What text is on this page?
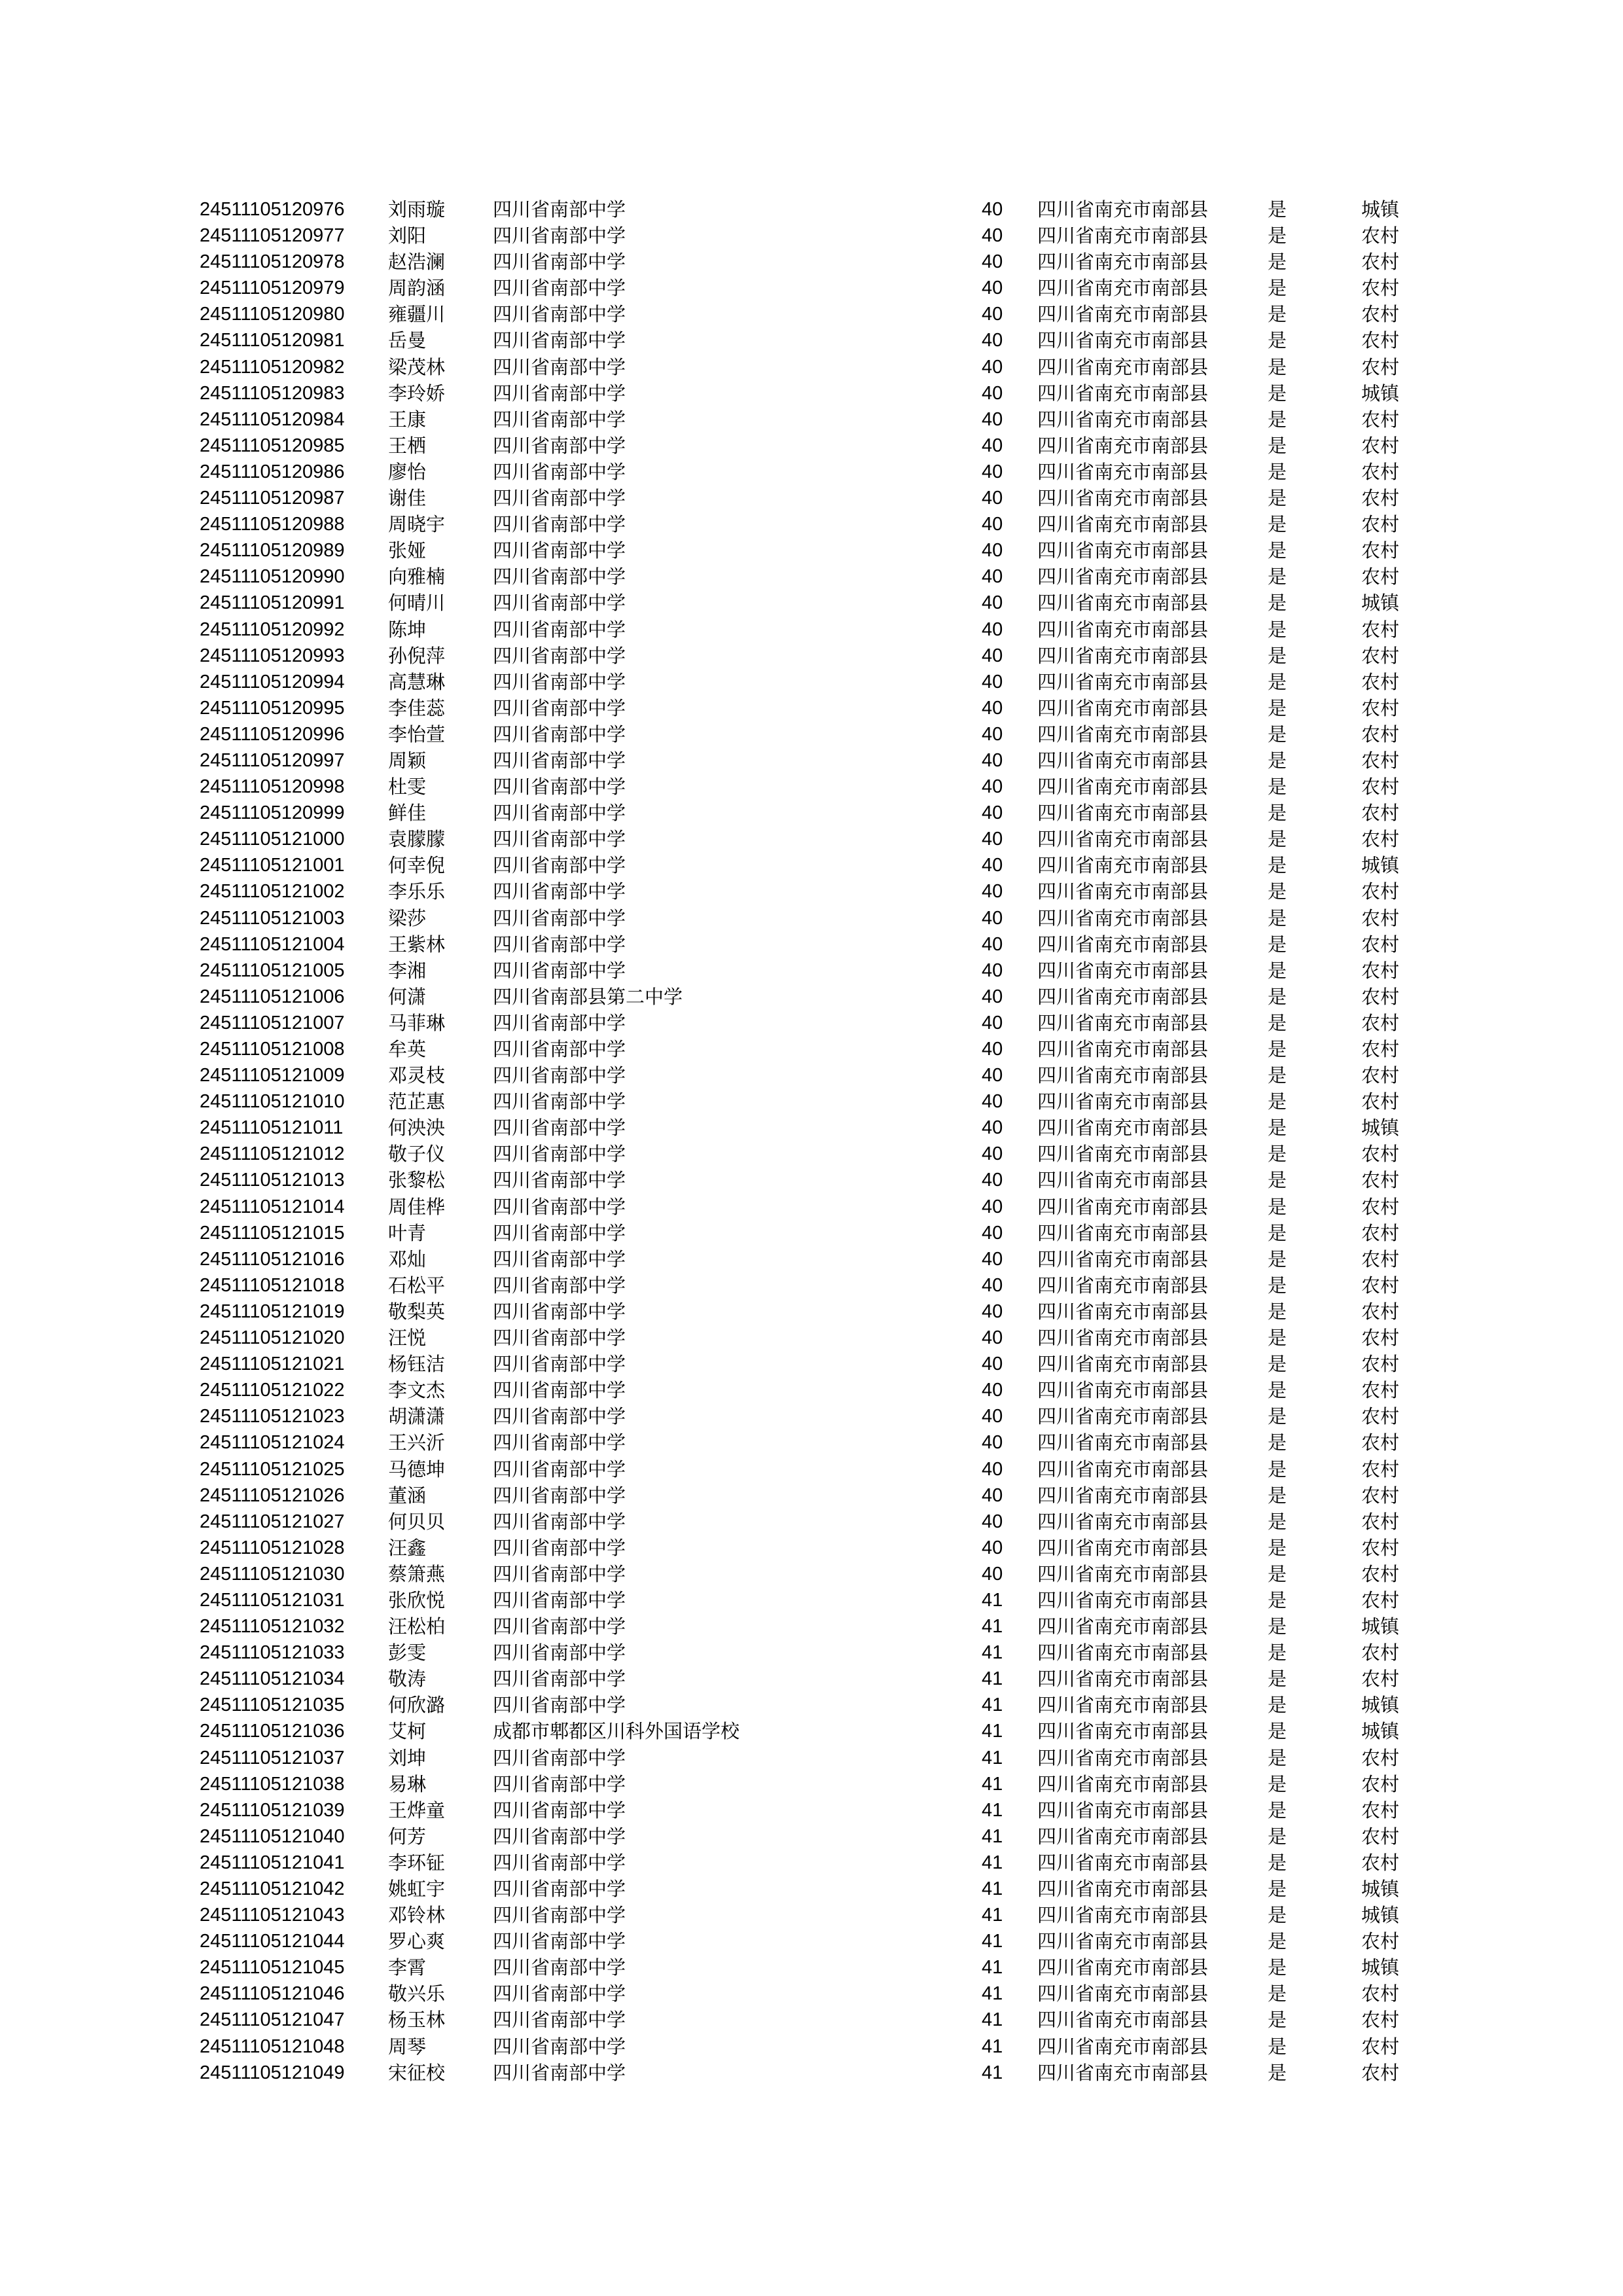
24511105120976 刘雨璇	四川省南部中学	40 四川省南充市南部县	是	城镇
24511105120977 刘阳	四川省南部中学	40 四川省南充市南部县	是	农村
24511105120978 赵浩澜	四川省南部中学	40 四川省南充市南部县	是	农村
24511105120979 周韵涵	四川省南部中学	40 四川省南充市南部县	是	农村
24511105120980 雍疆川	四川省南部中学	40 四川省南充市南部县	是	农村
24511105120981 岳曼	四川省南部中学	40 四川省南充市南部县	是	农村
24511105120982 梁茂林	四川省南部中学	40 四川省南充市南部县	是	农村
24511105120983 李玲娇	四川省南部中学	40 四川省南充市南部县	是	城镇
24511105120984 王康	四川省南部中学	40 四川省南充市南部县	是	农村
24511105120985 王栖	四川省南部中学	40 四川省南充市南部县	是	农村
24511105120986 廖怡	四川省南部中学	40 四川省南充市南部县	是	农村
24511105120987 谢佳	四川省南部中学	40 四川省南充市南部县	是	农村
24511105120988 周晓宇	四川省南部中学	40 四川省南充市南部县	是	农村
24511105120989 张娅	四川省南部中学	40 四川省南充市南部县	是	农村
24511105120990 向雅楠	四川省南部中学	40 四川省南充市南部县	是	农村
24511105120991 何晴川	四川省南部中学	40 四川省南充市南部县	是	城镇
24511105120992 陈坤	四川省南部中学	40 四川省南充市南部县	是	农村
24511105120993 孙倪萍	四川省南部中学	40 四川省南充市南部县	是	农村
24511105120994 高慧琳	四川省南部中学	40 四川省南充市南部县	是	农村
24511105120995 李佳蕊	四川省南部中学	40 四川省南充市南部县	是	农村
24511105120996 李怡萱	四川省南部中学	40 四川省南充市南部县	是	农村
24511105120997 周颖	四川省南部中学	40 四川省南充市南部县	是	农村
24511105120998 杜雯	四川省南部中学	40 四川省南充市南部县	是	农村
24511105120999 鲜佳	四川省南部中学	40 四川省南充市南部县	是	农村
24511105121000 袁朦朦	四川省南部中学	40 四川省南充市南部县	是	农村
24511105121001 何幸倪	四川省南部中学	40 四川省南充市南部县	是	城镇
24511105121002 李乐乐	四川省南部中学	40 四川省南充市南部县	是	农村
24511105121003 梁莎	四川省南部中学	40 四川省南充市南部县	是	农村
24511105121004 王紫林	四川省南部中学	40 四川省南充市南部县	是	农村
24511105121005 李湘	四川省南部中学	40 四川省南充市南部县	是	农村
24511105121006 何潇	四川省南部县第二中学	40 四川省南充市南部县	是	农村
24511105121007 马菲琳	四川省南部中学	40 四川省南充市南部县	是	农村
24511105121008 牟英	四川省南部中学	40 四川省南充市南部县	是	农村
24511105121009 邓灵枝	四川省南部中学	40 四川省南充市南部县	是	农村
24511105121010 范芷惠	四川省南部中学	40 四川省南充市南部县	是	农村
24511105121011 何泱泱	四川省南部中学	40 四川省南充市南部县	是	城镇
24511105121012 敬子仪	四川省南部中学	40 四川省南充市南部县	是	农村
24511105121013 张黎松	四川省南部中学	40 四川省南充市南部县	是	农村
24511105121014 周佳桦	四川省南部中学	40 四川省南充市南部县	是	农村
24511105121015 叶青	四川省南部中学	40 四川省南充市南部县	是	农村
24511105121016 邓灿	四川省南部中学	40 四川省南充市南部县	是	农村
24511105121018 石松平	四川省南部中学	40 四川省南充市南部县	是	农村
24511105121019 敬梨英	四川省南部中学	40 四川省南充市南部县	是	农村
24511105121020 汪悦	四川省南部中学	40 四川省南充市南部县	是	农村
24511105121021 杨钰洁	四川省南部中学	40 四川省南充市南部县	是	农村
24511105121022 李文杰	四川省南部中学	40 四川省南充市南部县	是	农村
24511105121023 胡潇潇	四川省南部中学	40 四川省南充市南部县	是	农村
24511105121024 王兴沂	四川省南部中学	40 四川省南充市南部县	是	农村
24511105121025 马德坤	四川省南部中学	40 四川省南充市南部县	是	农村
24511105121026 董涵	四川省南部中学	40 四川省南充市南部县	是	农村
24511105121027 何贝贝	四川省南部中学	40 四川省南充市南部县	是	农村
24511105121028 汪鑫	四川省南部中学	40 四川省南充市南部县	是	农村
24511105121030 蔡箫燕	四川省南部中学	40 四川省南充市南部县	是	农村
24511105121031 张欣悦	四川省南部中学	41 四川省南充市南部县	是	农村
24511105121032 汪松柏	四川省南部中学	41 四川省南充市南部县	是	城镇
24511105121033 彭雯	四川省南部中学	41 四川省南充市南部县	是	农村
24511105121034 敬涛	四川省南部中学	41 四川省南充市南部县	是	农村
24511105121035 何欣潞	四川省南部中学	41 四川省南充市南部县	是	城镇
24511105121036 艾柯	成都市郫都区川科外国语学校	41 四川省南充市南部县	是	城镇
24511105121037 刘坤	四川省南部中学	41 四川省南充市南部县	是	农村
24511105121038 易琳	四川省南部中学	41 四川省南充市南部县	是	农村
24511105121039 王烨童	四川省南部中学	41 四川省南充市南部县	是	农村
24511105121040 何芳	四川省南部中学	41 四川省南充市南部县	是	农村
24511105121041 李环钲	四川省南部中学	41 四川省南充市南部县	是	农村
24511105121042 姚虹宇	四川省南部中学	41 四川省南充市南部县	是	城镇
24511105121043 邓铃林	四川省南部中学	41 四川省南充市南部县	是	城镇
24511105121044 罗心爽	四川省南部中学	41 四川省南充市南部县	是	农村
24511105121045 李霄	四川省南部中学	41 四川省南充市南部县	是	城镇
24511105121046 敬兴乐	四川省南部中学	41 四川省南充市南部县	是	农村
24511105121047 杨玉林	四川省南部中学	41 四川省南充市南部县	是	农村
24511105121048 周琴	四川省南部中学	41 四川省南充市南部县	是	农村
24511105121049 宋征校	四川省南部中学	41 四川省南充市南部县	是	农村
